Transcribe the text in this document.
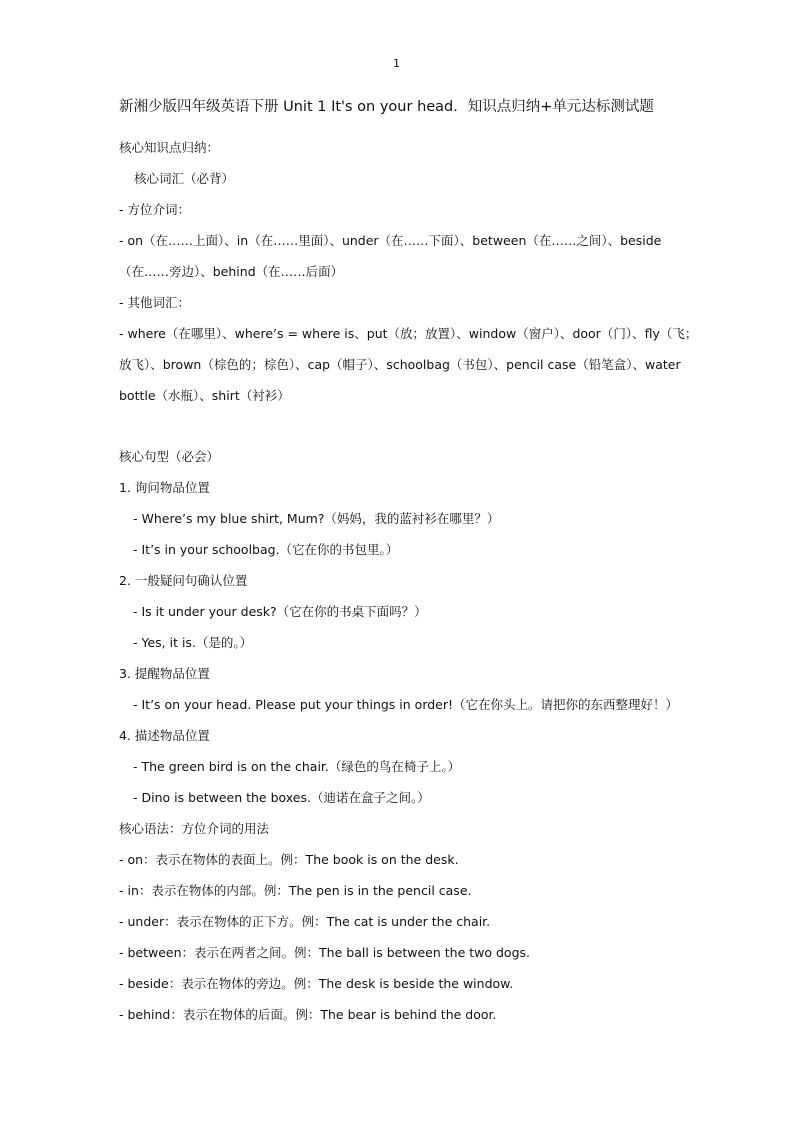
1
新湘少版四年级英语下册 Unit 1 It's on your head．知识点归纳+单元达标测试题
核心知识点归纳：
核心词汇（必背）
- 方位介词：
- on（在……上面）、in（在……里面）、under（在……下面）、between（在……之间）、beside（在……旁边）、behind（在……后面）
- 其他词汇：
- where（在哪里）、where’s = where is、put（放；放置）、window（窗户）、door（门）、fly（飞；放飞）、brown（棕色的；棕色）、cap（帽子）、schoolbag（书包）、pencil case（铅笔盒）、water bottle（水瓶）、shirt（衬衫）
核心句型（必会）
1. 询问物品位置
- Where’s my blue shirt, Mum?（妈妈，我的蓝衬衫在哪里？）
- It’s in your schoolbag.（它在你的书包里。）
2. 一般疑问句确认位置
- Is it under your desk?（它在你的书桌下面吗？）
- Yes, it is.（是的。）
3. 提醒物品位置
- It’s on your head. Please put your things in order!（它在你头上。请把你的东西整理好！）
4. 描述物品位置
- The green bird is on the chair.（绿色的鸟在椅子上。）
- Dino is between the boxes.（迪诺在盒子之间。）
核心语法：方位介词的用法
- on：表示在物体的表面上。例：The book is on the desk.
- in：表示在物体的内部。例：The pen is in the pencil case.
- under：表示在物体的正下方。例：The cat is under the chair.
- between：表示在两者之间。例：The ball is between the two dogs.
- beside：表示在物体的旁边。例：The desk is beside the window.
- behind：表示在物体的后面。例：The bear is behind the door.
